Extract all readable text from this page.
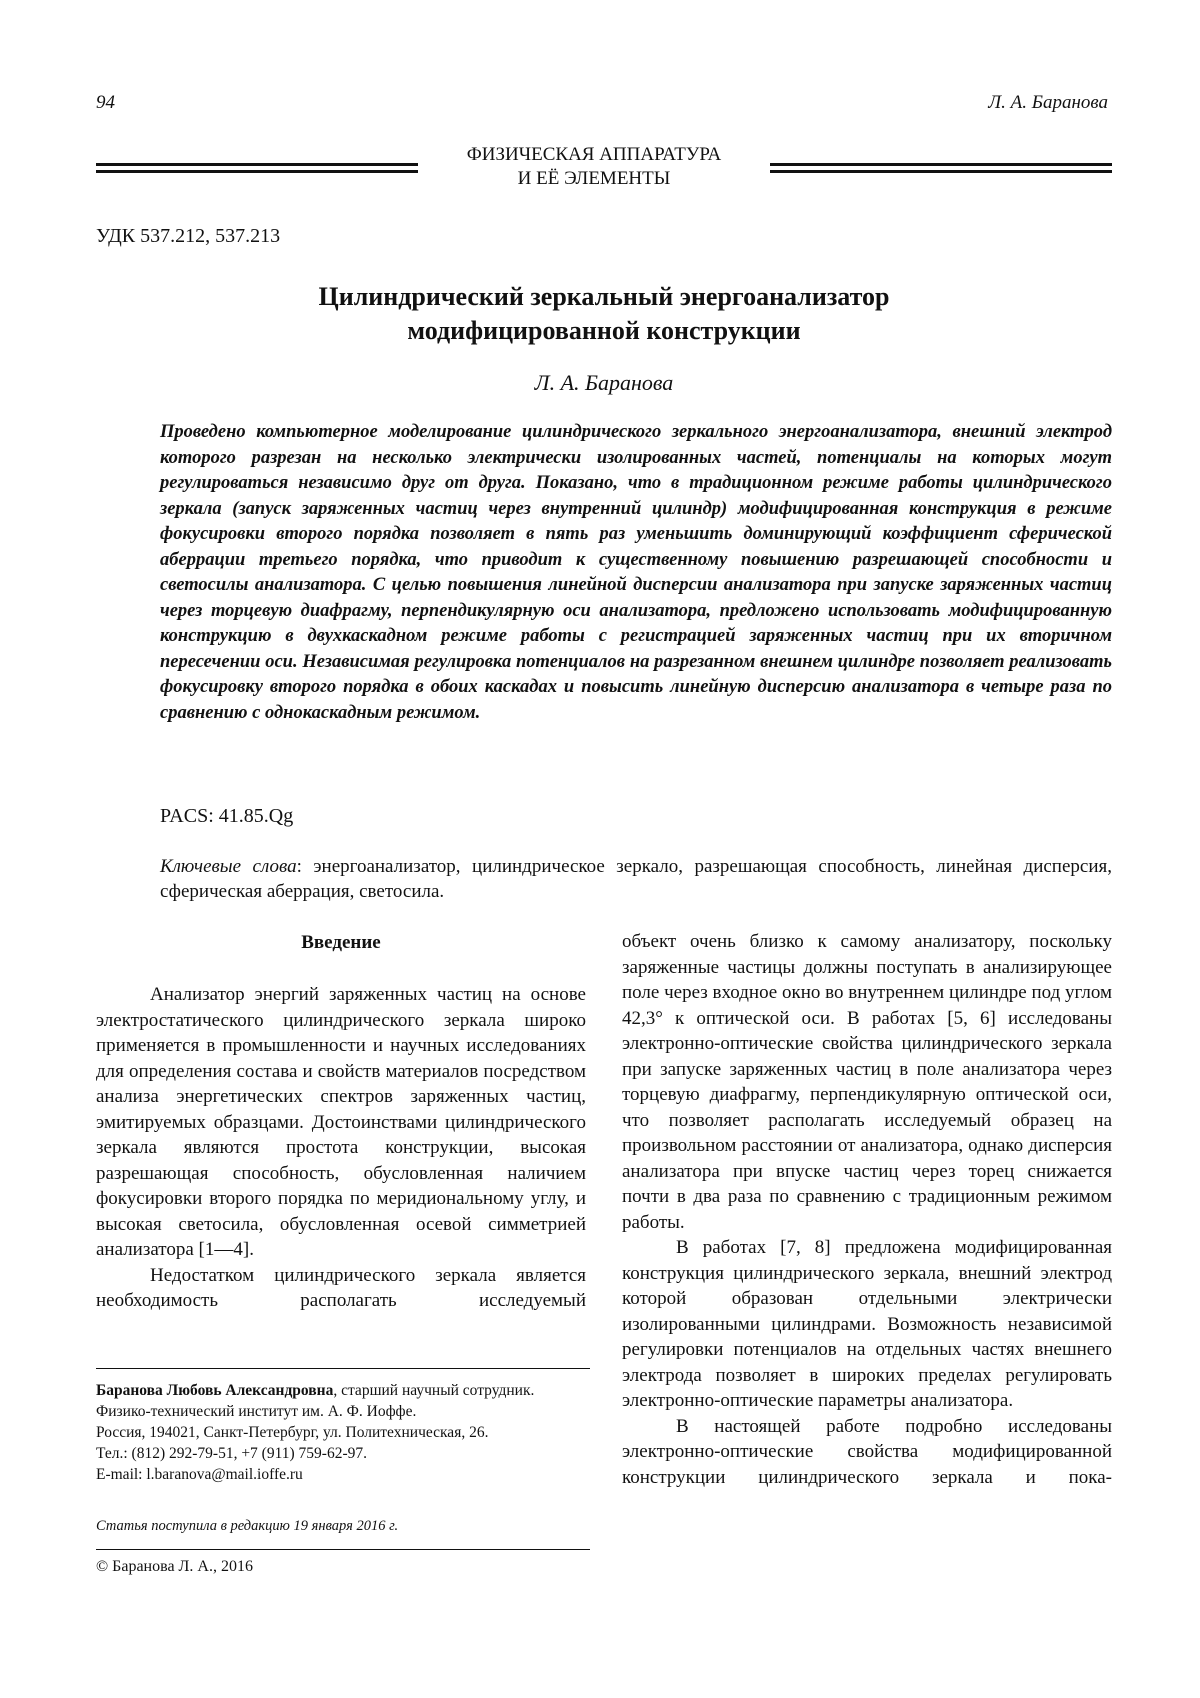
94	Л. А. Баранова
ФИЗИЧЕСКАЯ АППАРАТУРА
И ЕЁ ЭЛЕМЕНТЫ
УДК 537.212, 537.213
Цилиндрический зеркальный энергоанализатор
модифицированной конструкции
Л. А. Баранова
Проведено компьютерное моделирование цилиндрического зеркального энергоанализатора, внешний электрод которого разрезан на несколько электрически изолированных частей, потенциалы на которых могут регулироваться независимо друг от друга. Показано, что в традиционном режиме работы цилиндрического зеркала (запуск заряженных частиц через внутренний цилиндр) модифицированная конструкция в режиме фокусировки второго порядка позволяет в пять раз уменьшить доминирующий коэффициент сферической аберрации третьего порядка, что приводит к существенному повышению разрешающей способности и светосилы анализатора. С целью повышения линейной дисперсии анализатора при запуске заряженных частиц через торцевую диафрагму, перпендикулярную оси анализатора, предложено использовать модифицированную конструкцию в двухкаскадном режиме работы с регистрацией заряженных частиц при их вторичном пересечении оси. Независимая регулировка потенциалов на разрезанном внешнем цилиндре позволяет реализовать фокусировку второго порядка в обоих каскадах и повысить линейную дисперсию анализатора в четыре раза по сравнению с однокаскадным режимом.
PACS: 41.85.Qg
Ключевые слова: энергоанализатор, цилиндрическое зеркало, разрешающая способность, линейная дисперсия, сферическая аберрация, светосила.
Введение

Анализатор энергий заряженных частиц на основе электростатического цилиндрического зеркала широко применяется в промышленности и научных исследованиях для определения состава и свойств материалов посредством анализа энергетических спектров заряженных частиц, эмитируемых образцами. Достоинствами цилиндрического зеркала являются простота конструкции, высокая разрешающая способность, обусловленная наличием фокусировки второго порядка по меридиональному углу, и высокая светосила, обусловленная осевой симметрией анализатора [1—4].

Недостатком цилиндрического зеркала является необходимость располагать исследуемый

объект очень близко к самому анализатору, поскольку заряженные частицы должны поступать в анализирующее поле через входное окно во внутреннем цилиндре под углом 42,3° к оптической оси. В работах [5, 6] исследованы электронно-оптические свойства цилиндрического зеркала при запуске заряженных частиц в поле анализатора через торцевую диафрагму, перпендикулярную оптической оси, что позволяет располагать исследуемый образец на произвольном расстоянии от анализатора, однако дисперсия анализатора при впуске частиц через торец снижается почти в два раза по сравнению с традиционным режимом работы.

В работах [7, 8] предложена модифицированная конструкция цилиндрического зеркала, внешний электрод которой образован отдельными электрически изолированными цилиндрами. Возможность независимой регулировки потенциалов на отдельных частях внешнего электрода позволяет в широких пределах регулировать электронно-оптические параметры анализатора.

В настоящей работе подробно исследованы электронно-оптические свойства модифицированной конструкции цилиндрического зеркала и пока-

Баранова Любовь Александровна, старший научный сотрудник.
Физико-технический институт им. А. Ф. Иоффе.
Россия, 194021, Санкт-Петербург, ул. Политехническая, 26.
Тел.: (812) 292-79-51, +7 (911) 759-62-97.
E-mail: l.baranova@mail.ioffe.ru
Статья поступила в редакцию 19 января 2016 г.
© Баранова Л. А., 2016
